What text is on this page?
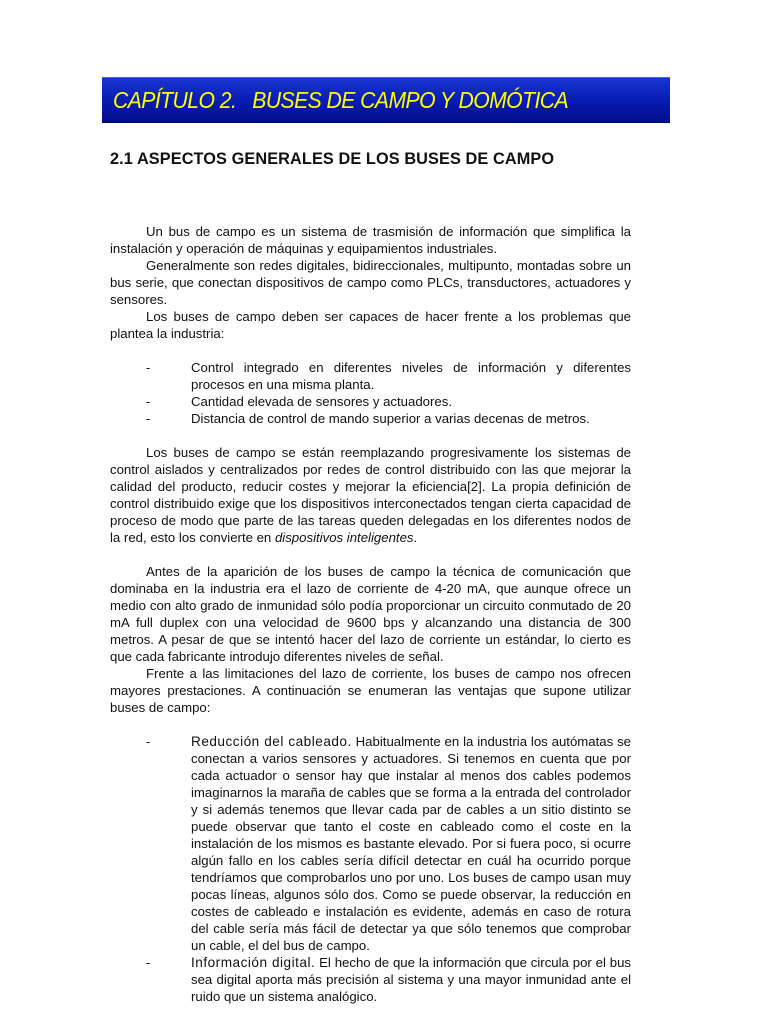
CAPÍTULO 2.   BUSES DE CAMPO Y DOMÓTICA
2.1 ASPECTOS GENERALES DE LOS BUSES DE CAMPO

Un bus de campo es un sistema de trasmisión de información que simplifica la instalación y operación de máquinas y equipamientos industriales.

Generalmente son redes digitales, bidireccionales, multipunto, montadas sobre un bus serie, que conectan dispositivos de campo como PLCs, transductores, actuadores y sensores.

Los buses de campo deben ser capaces de hacer frente a los problemas que plantea la industria:

-	Control integrado en diferentes niveles de información y diferentes procesos en una misma planta.
-	Cantidad elevada de sensores y actuadores.
-	Distancia de control de mando superior a varias decenas de metros.

Los buses de campo se están reemplazando progresivamente los sistemas de control aislados y centralizados por redes de control distribuido con las que mejorar la calidad del producto, reducir costes y mejorar la eficiencia[2]. La propia definición de control distribuido exige que los dispositivos interconectados tengan cierta capacidad de proceso de modo que parte de las tareas queden delegadas en los diferentes nodos de la red, esto los convierte en dispositivos inteligentes.

Antes de la aparición de los buses de campo la técnica de comunicación que dominaba en la industria era el lazo de corriente de 4-20 mA, que aunque ofrece un medio con alto grado de inmunidad sólo podía proporcionar un circuito conmutado de 20 mA full duplex con una velocidad de 9600 bps y alcanzando una distancia de 300 metros. A pesar de que se intentó hacer del lazo de corriente un estándar, lo cierto es que cada fabricante introdujo diferentes niveles de señal.

Frente a las limitaciones del lazo de corriente, los buses de campo nos ofrecen mayores prestaciones. A continuación se enumeran las ventajas que supone utilizar buses de campo:

-	Reducción del cableado. Habitualmente en la industria los autómatas se conectan a varios sensores y actuadores. Si tenemos en cuenta que por cada actuador o sensor hay que instalar al menos dos cables podemos imaginarnos la maraña de cables que se forma a la entrada del controlador y si además tenemos que llevar cada par de cables a un sitio distinto se puede observar que tanto el coste en cableado como el coste en la instalación de los mismos es bastante elevado. Por si fuera poco, si ocurre algún fallo en los cables sería difícil detectar en cuál ha ocurrido porque tendríamos que comprobarlos uno por uno. Los buses de campo usan muy pocas líneas, algunos sólo dos. Como se puede observar, la reducción en costes de cableado e instalación es evidente, además en caso de rotura del cable sería más fácil de detectar ya que sólo tenemos que comprobar un cable, el del bus de campo.
-	Información digital. El hecho de que la información que circula por el bus sea digital aporta más precisión al sistema y una mayor inmunidad ante el ruido que un sistema analógico.
